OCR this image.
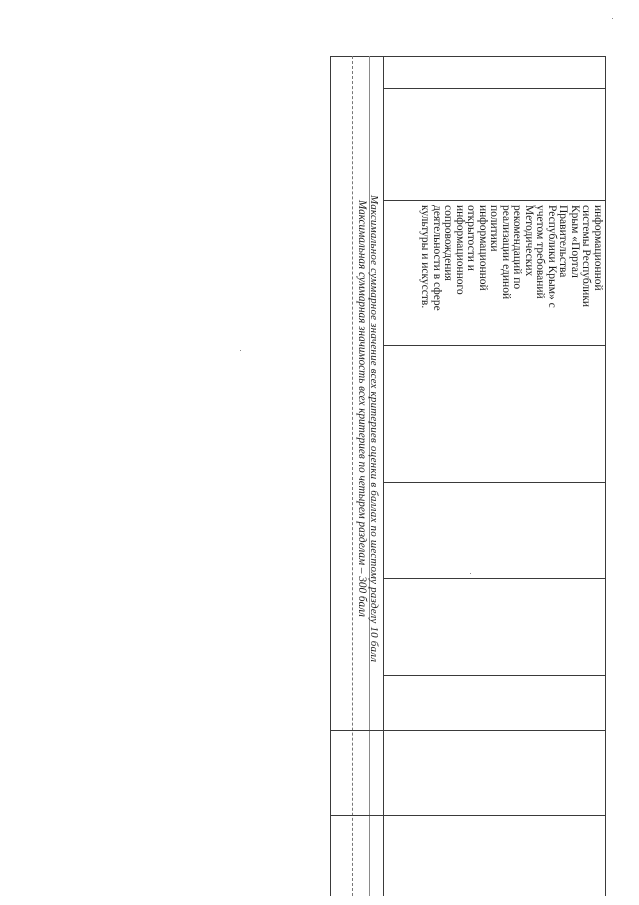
информационной
системы Республики
Крым «Портал
Правительства
Республики Крым» с
учетом требований
Методических
рекомендаций по
реализации единой
политики
информационной
открытости и
информационного
сопровождения
деятельности в сфере
культуры и искусств.
Максимальное суммарное значение всех критериев оценки в баллах по шестому разделу 10 балл
Максимальная суммарная значимость всех критериев по четырем разделам – 300 балл
